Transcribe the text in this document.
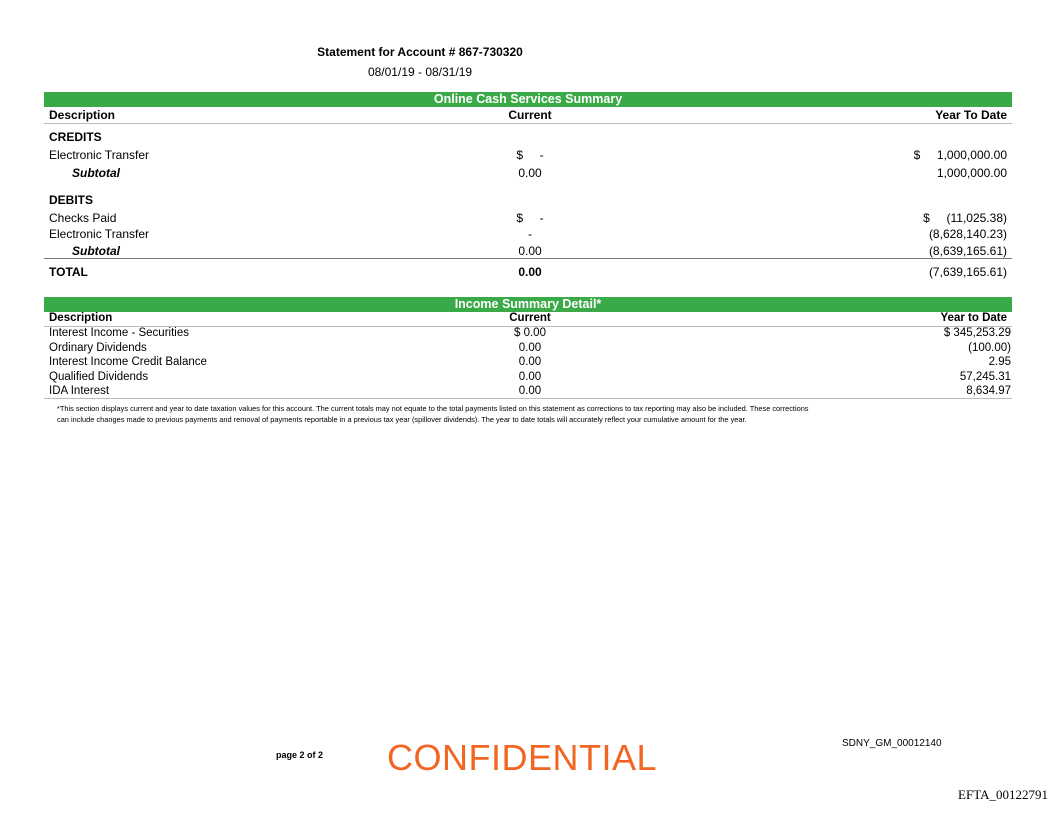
Statement for Account # 867-730320
08/01/19 - 08/31/19
Online Cash Services Summary
Description	Current	Year To Date
CREDITS
Electronic Transfer	$     -	$     1,000,000.00
Subtotal	0.00	1,000,000.00
DEBITS
Checks Paid	$     -	$     (11,025.38)
Electronic Transfer	-	(8,628,140.23)
Subtotal	0.00	(8,639,165.61)
TOTAL	0.00	(7,639,165.61)
Income Summary Detail*
Description	Current	Year to Date
Interest Income - Securities	$ 0.00	$ 345,253.29
Ordinary Dividends	0.00	(100.00)
Interest Income Credit Balance	0.00	2.95
Qualified Dividends	0.00	57,245.31
IDA Interest	0.00	8,634.97
*This section displays current and year to date taxation values for this account. The current totals may not equate to the total payments listed on this statement as corrections to tax reporting may also be included. These corrections
can include changes made to previous payments and removal of payments reportable in a previous tax year (spillover dividends). The year to date totals will accurately reflect your cumulative amount for the year.
page 2 of 2 CONFIDENTIAL	SDNY_GM_00012140
EFTA_00122791
